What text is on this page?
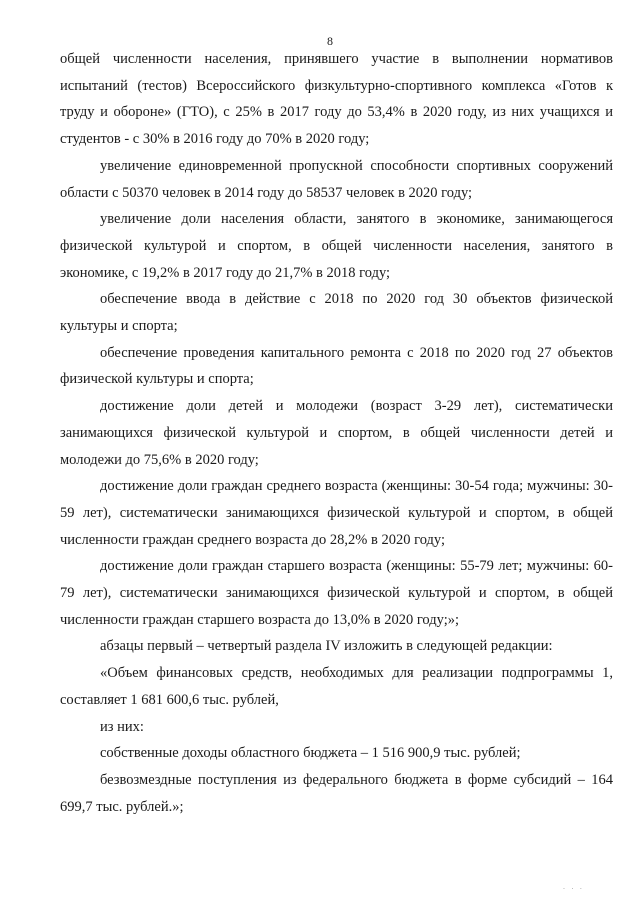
8

общей численности населения, принявшего участие в выполнении нормативов испытаний (тестов) Всероссийского физкультурно-спортивного комплекса «Готов к труду и обороне» (ГТО), с 25% в 2017 году до 53,4% в 2020 году, из них учащихся и студентов - с 30% в 2016 году до 70% в 2020 году;

увеличение единовременной пропускной способности спортивных сооружений области с 50370 человек в 2014 году до 58537 человек в 2020 году;

увеличение доли населения области, занятого в экономике, занимающегося физической культурой и спортом, в общей численности населения, занятого в экономике, с 19,2% в 2017 году до 21,7% в 2018 году;

обеспечение ввода в действие с 2018 по 2020 год 30 объектов физической культуры и спорта;

обеспечение проведения капитального ремонта с 2018 по 2020 год 27 объектов физической культуры и спорта;

достижение доли детей и молодежи (возраст 3-29 лет), систематически занимающихся физической культурой и спортом, в общей численности детей и молодежи до 75,6% в 2020 году;

достижение доли граждан среднего возраста (женщины: 30-54 года; мужчины: 30-59 лет), систематически занимающихся физической культурой и спортом, в общей численности граждан среднего возраста до 28,2% в 2020 году;

достижение доли граждан старшего возраста (женщины: 55-79 лет; мужчины: 60-79 лет), систематически занимающихся физической культурой и спортом, в общей численности граждан старшего возраста до 13,0% в 2020 году;»;

абзацы первый – четвертый раздела IV изложить в следующей редакции:

«Объем финансовых средств, необходимых для реализации подпрограммы 1, составляет 1 681 600,6 тыс. рублей,

из них:

собственные доходы областного бюджета – 1 516 900,9 тыс. рублей;

безвозмездные поступления из федерального бюджета в форме субсидий – 164 699,7 тыс. рублей.»;

· · ·
